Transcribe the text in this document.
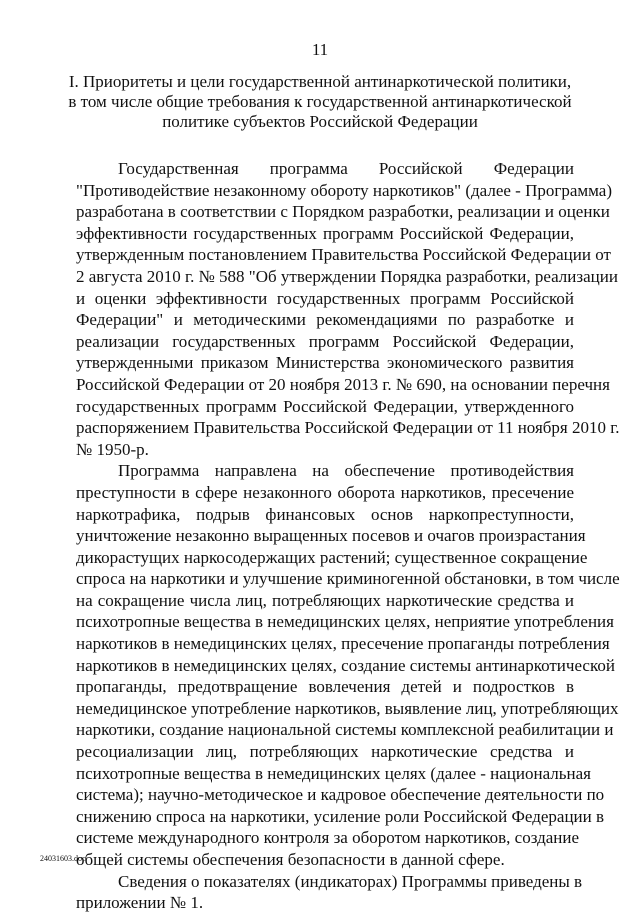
11
I. Приоритеты и цели государственной антинаркотической политики,
в том числе общие требования к государственной антинаркотической
политике субъектов Российской Федерации
Государственная программа Российской Федерации
"Противодействие незаконному обороту наркотиков" (далее - Программа)
разработана в соответствии с Порядком разработки, реализации и оценки
эффективности государственных программ Российской Федерации,
утвержденным постановлением Правительства Российской Федерации от
2 августа 2010 г. № 588 "Об утверждении Порядка разработки, реализации
и оценки эффективности государственных программ Российской
Федерации" и методическими рекомендациями по разработке и
реализации государственных программ Российской Федерации,
утвержденными приказом Министерства экономического развития
Российской Федерации от 20 ноября 2013 г. № 690, на основании перечня
государственных программ Российской Федерации, утвержденного
распоряжением Правительства Российской Федерации от 11 ноября 2010 г.
№ 1950-р.
Программа направлена на обеспечение противодействия
преступности в сфере незаконного оборота наркотиков, пресечение
наркотрафика, подрыв финансовых основ наркопреступности,
уничтожение незаконно выращенных посевов и очагов произрастания
дикорастущих наркосодержащих растений; существенное сокращение
спроса на наркотики и улучшение криминогенной обстановки, в том числе
на сокращение числа лиц, потребляющих наркотические средства и
психотропные вещества в немедицинских целях, неприятие употребления
наркотиков в немедицинских целях, пресечение пропаганды потребления
наркотиков в немедицинских целях, создание системы антинаркотической
пропаганды, предотвращение вовлечения детей и подростков в
немедицинское употребление наркотиков, выявление лиц, употребляющих
наркотики, создание национальной системы комплексной реабилитации и
ресоциализации лиц, потребляющих наркотические средства и
психотропные вещества в немедицинских целях (далее - национальная
система); научно-методическое и кадровое обеспечение деятельности по
снижению спроса на наркотики, усиление роли Российской Федерации в
системе международного контроля за оборотом наркотиков, создание
общей системы обеспечения безопасности в данной сфере.
Сведения о показателях (индикаторах) Программы приведены в
приложении № 1.
24031603.doc
